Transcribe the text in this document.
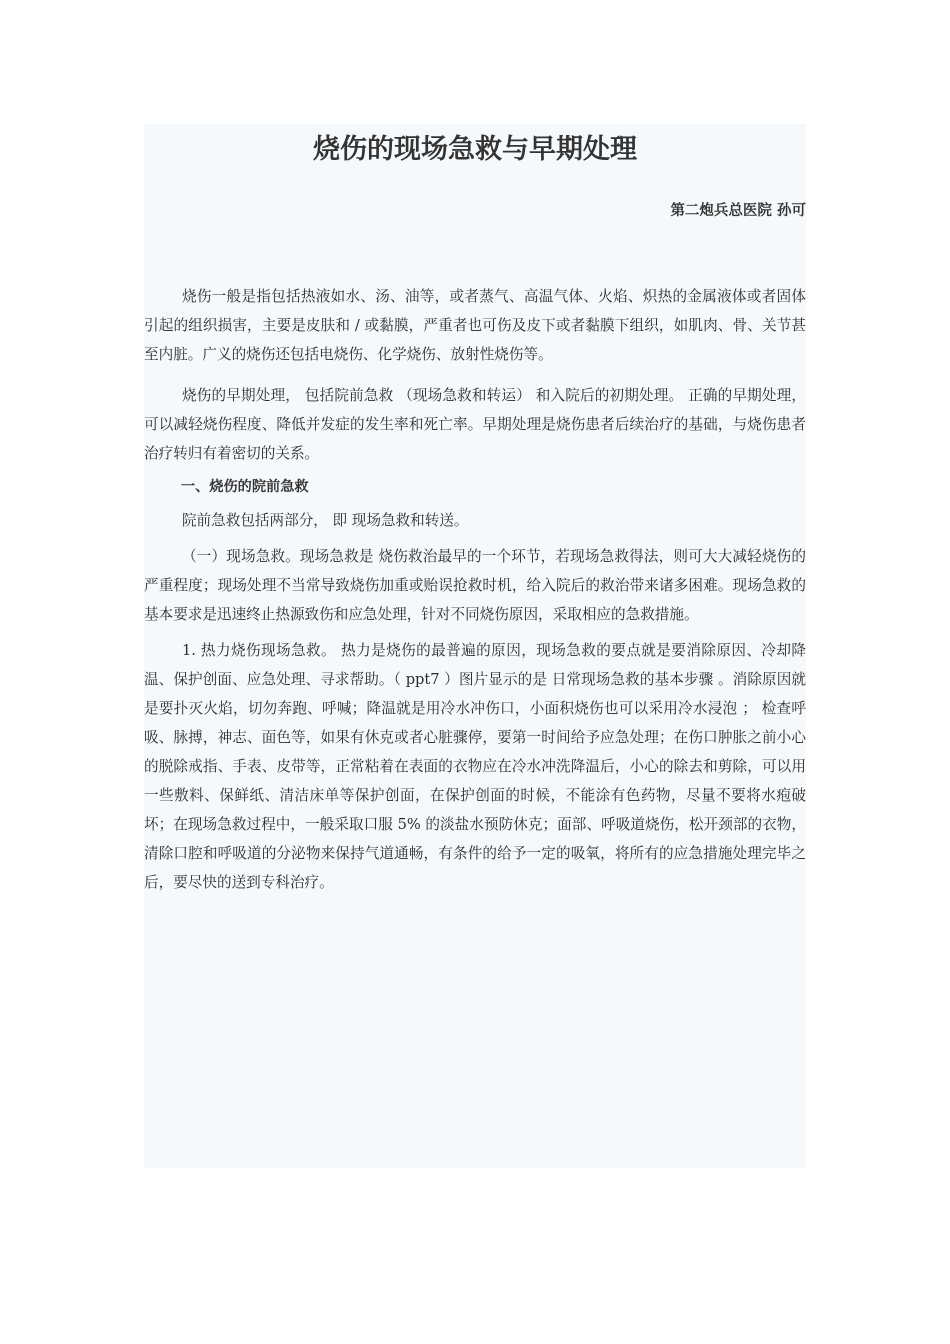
烧伤的现场急救与早期处理
第二炮兵总医院 孙可

烧伤一般是指包括热液如水、汤、油等，或者蒸气、高温气体、火焰、炽热的金属液体或者固体引起的组织损害，主要是皮肤和 / 或黏膜，严重者也可伤及皮下或者黏膜下组织，如肌肉、骨、关节甚至内脏。广义的烧伤还包括电烧伤、化学烧伤、放射性烧伤等。

烧伤的早期处理， 包括院前急救 （现场急救和转运） 和入院后的初期处理。 正确的早期处理，可以减轻烧伤程度、降低并发症的发生率和死亡率。早期处理是烧伤患者后续治疗的基础，与烧伤患者治疗转归有着密切的关系。

一、烧伤的院前急救

院前急救包括两部分， 即 现场急救和转送。

（一）现场急救。现场急救是 烧伤救治最早的一个环节，若现场急救得法，则可大大减轻烧伤的严重程度；现场处理不当常导致烧伤加重或贻误抢救时机，给入院后的救治带来诸多困难。现场急救的基本要求是迅速终止热源致伤和应急处理，针对不同烧伤原因，采取相应的急救措施。

1. 热力烧伤现场急救。 热力是烧伤的最普遍的原因，现场急救的要点就是要消除原因、冷却降温、保护创面、应急处理、寻求帮助。（ ppt7 ）图片显示的是 日常现场急救的基本步骤 。消除原因就是要扑灭火焰，切勿奔跑、呼喊；降温就是用冷水冲伤口，小面积烧伤也可以采用冷水浸泡 ； 检查呼吸、脉搏，神志、面色等，如果有休克或者心脏骤停，要第一时间给予应急处理；在伤口肿胀之前小心的脱除戒指、手表、皮带等，正常粘着在表面的衣物应在冷水冲洗降温后，小心的除去和剪除，可以用一些敷料、保鲜纸、清洁床单等保护创面，在保护创面的时候，不能涂有色药物，尽量不要将水疱破坏；在现场急救过程中，一般采取口服 5% 的淡盐水预防休克；面部、呼吸道烧伤，松开颈部的衣物，清除口腔和呼吸道的分泌物来保持气道通畅，有条件的给予一定的吸氧，将所有的应急措施处理完毕之后，要尽快的送到专科治疗。
